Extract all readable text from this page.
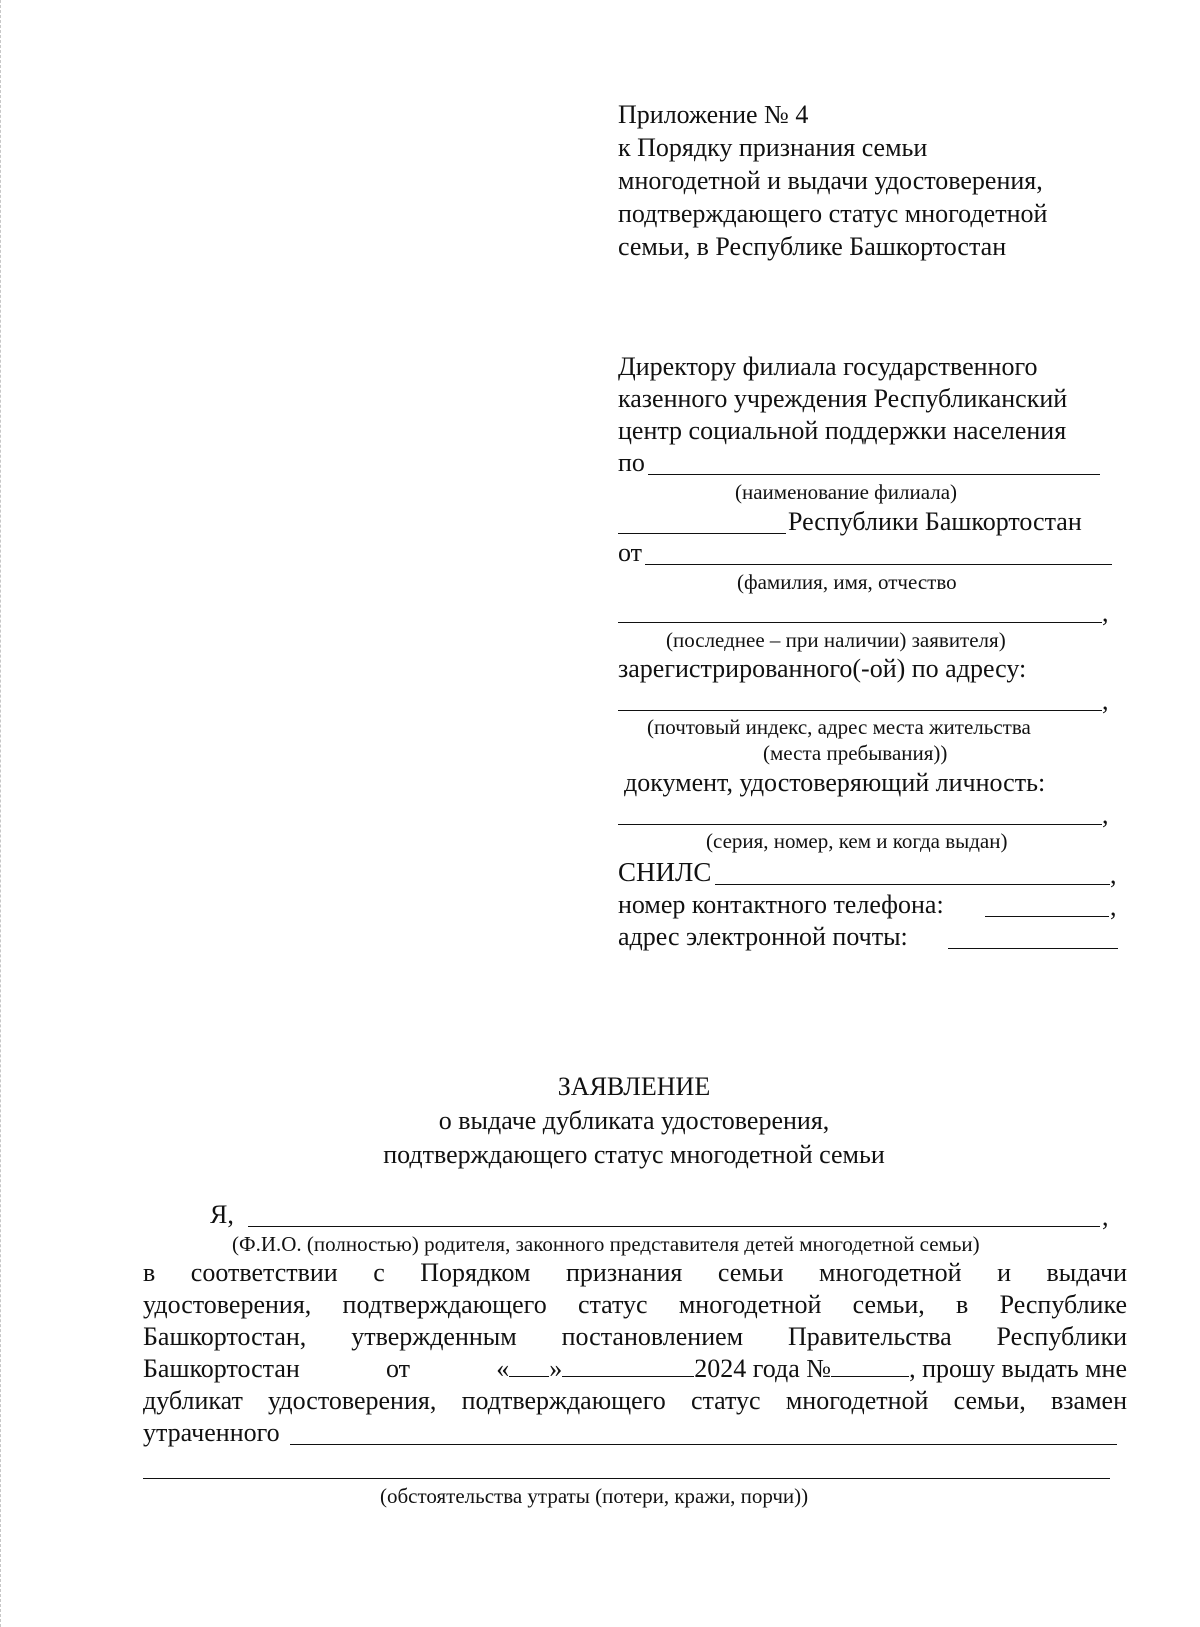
Приложение № 4
к Порядку признания семьи
многодетной и выдачи удостоверения,
подтверждающего статус многодетной
семьи, в Республике Башкортостан
Директору филиала государственного
казенного учреждения Республиканский
центр социальной поддержки населения
по
(наименование филиала)
Республики Башкортостан
от
(фамилия, имя, отчество
,
(последнее – при наличии) заявителя)
зарегистрированного(-ой) по адресу:
,
(почтовый индекс, адрес места жительства
(места пребывания))
документ, удостоверяющий личность:
,
(серия, номер, кем и когда выдан)
СНИЛС	,
номер контактного телефона:	,
адрес электронной почты:
ЗАЯВЛЕНИЕ
о выдаче дубликата удостоверения,
подтверждающего статус многодетной семьи
Я,	,
(Ф.И.О. (полностью) родителя, законного представителя детей многодетной семьи)
в соответствии с Порядком признания семьи многодетной и выдачи
удостоверения, подтверждающего статус многодетной семьи, в Республике
Башкортостан, утвержденным постановлением Правительства Республики
Башкортостан	от	« »	2024 года №	, прошу выдать мне
дубликат удостоверения, подтверждающего статус многодетной семьи, взамен
утраченного
(обстоятельства утраты (потери, кражи, порчи))
